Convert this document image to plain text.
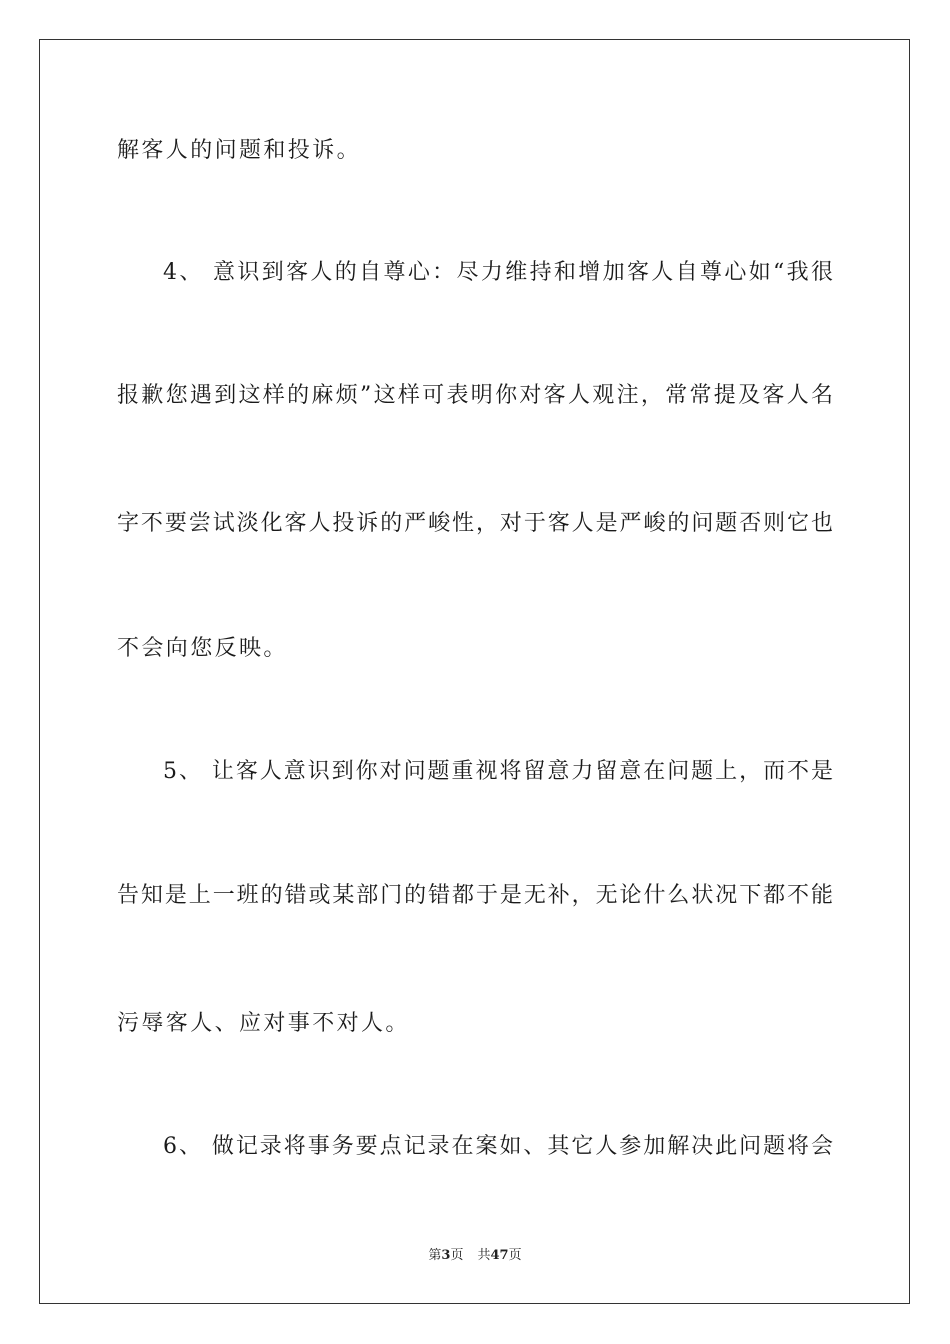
解客人的问题和投诉。
4、 意识到客人的自尊心：尽力维持和增加客人自尊心如“我很
报歉您遇到这样的麻烦”这样可表明你对客人观注，常常提及客人名
字不要尝试淡化客人投诉的严峻性，对于客人是严峻的问题否则它也
不会向您反映。
5、 让客人意识到你对问题重视将留意力留意在问题上，而不是
告知是上一班的错或某部门的错都于是无补，无论什么状况下都不能
污辱客人、应对事不对人。
6、 做记录将事务要点记录在案如、其它人参加解决此问题将会
第3页 共47页
